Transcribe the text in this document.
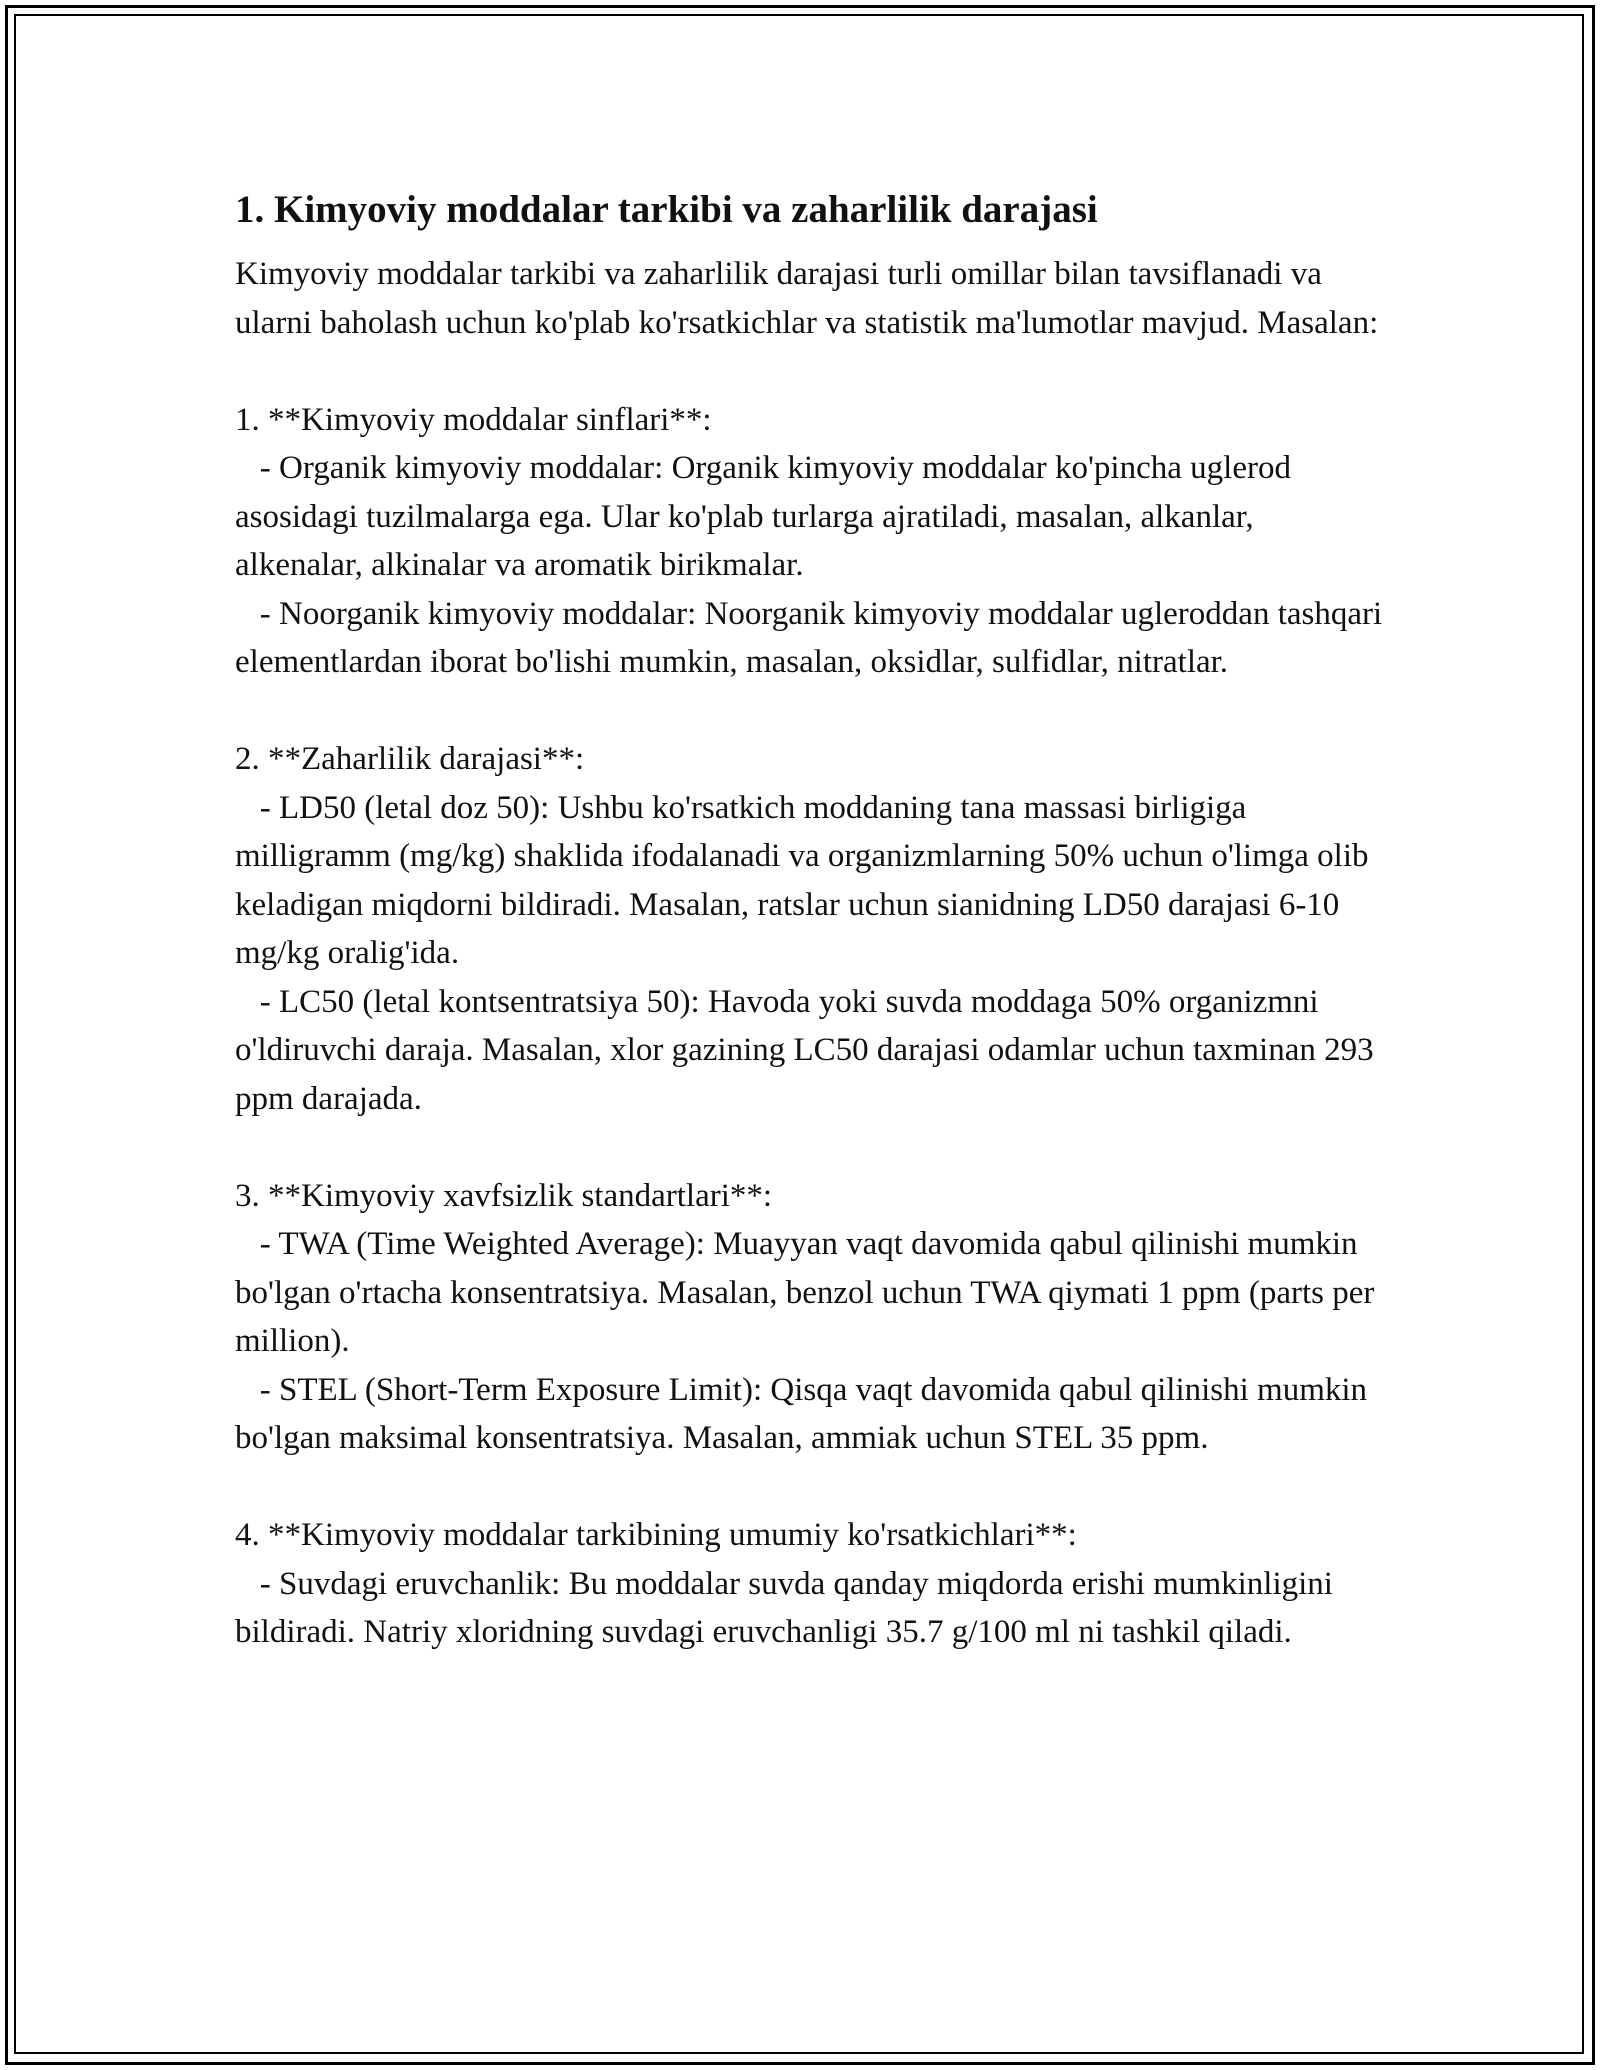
1. Kimyoviy moddalar tarkibi va zaharlilik darajasi

Kimyoviy moddalar tarkibi va zaharlilik darajasi turli omillar bilan tavsiflanadi va ularni baholash uchun ko'plab ko'rsatkichlar va statistik ma'lumotlar mavjud. Masalan:

1. **Kimyoviy moddalar sinflari**:

- Organik kimyoviy moddalar: Organik kimyoviy moddalar ko'pincha uglerod asosidagi tuzilmalarga ega. Ular ko'plab turlarga ajratiladi, masalan, alkanlar, alkenalar, alkinalar va aromatik birikmalar.

- Noorganik kimyoviy moddalar: Noorganik kimyoviy moddalar ugleroddan tashqari elementlardan iborat bo'lishi mumkin, masalan, oksidlar, sulfidlar, nitratlar.

2. **Zaharlilik darajasi**:

- LD50 (letal doz 50): Ushbu ko'rsatkich moddaning tana massasi birligiga milligramm (mg/kg) shaklida ifodalanadi va organizmlarning 50% uchun o'limga olib keladigan miqdorni bildiradi. Masalan, ratslar uchun sianidning LD50 darajasi 6-10 mg/kg oralig'ida.

- LC50 (letal kontsentratsiya 50): Havoda yoki suvda moddaga 50% organizmni o'ldiruvchi daraja. Masalan, xlor gazining LC50 darajasi odamlar uchun taxminan 293 ppm darajada.

3. **Kimyoviy xavfsizlik standartlari**:

- TWA (Time Weighted Average): Muayyan vaqt davomida qabul qilinishi mumkin bo'lgan o'rtacha konsentratsiya. Masalan, benzol uchun TWA qiymati 1 ppm (parts per million).

- STEL (Short-Term Exposure Limit): Qisqa vaqt davomida qabul qilinishi mumkin bo'lgan maksimal konsentratsiya. Masalan, ammiak uchun STEL 35 ppm.

4. **Kimyoviy moddalar tarkibining umumiy ko'rsatkichlari**:

- Suvdagi eruvchanlik: Bu moddalar suvda qanday miqdorda erishi mumkinligini bildiradi. Natriy xloridning suvdagi eruvchanligi 35.7 g/100 ml ni tashkil qiladi.
